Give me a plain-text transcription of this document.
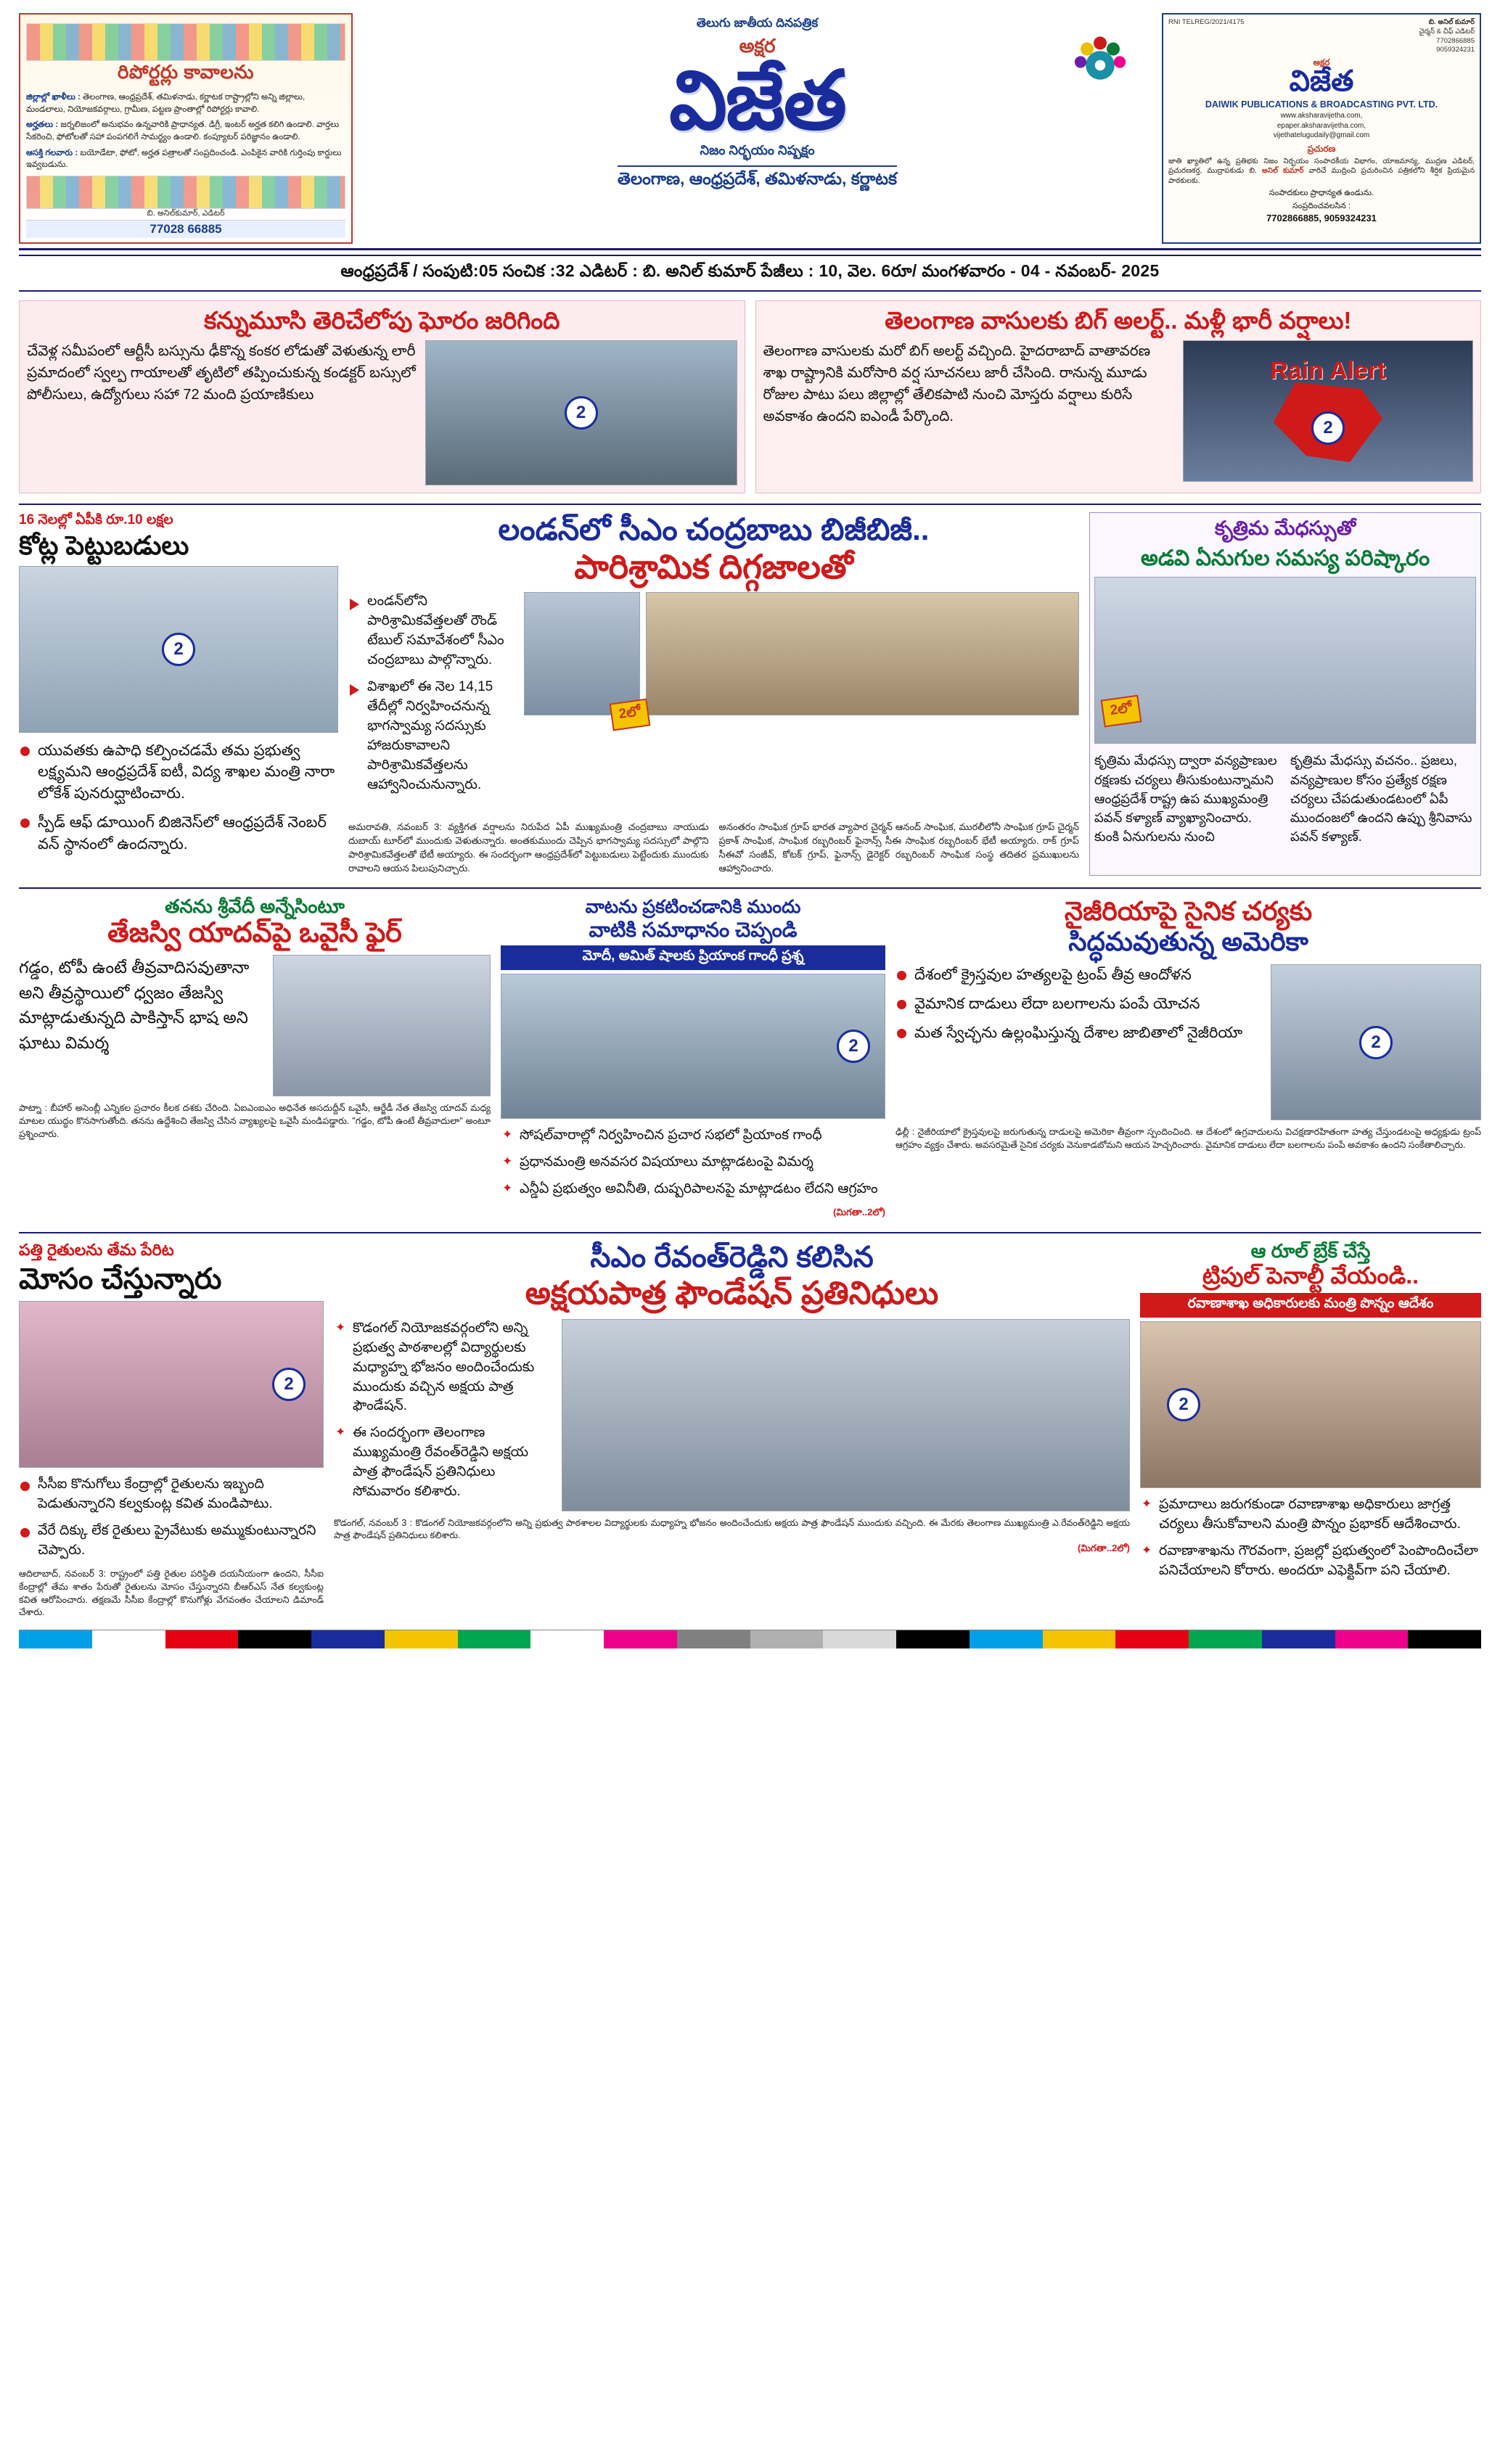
రిపోర్టర్లు కావాలను
జిల్లాల్లో ఖాళీలు : తెలంగాణ, ఆంధ్రప్రదేశ్, తమిళనాడు, కర్ణాటక రాష్ట్రాల్లోని అన్ని జిల్లాలు, మండలాలు, నియోజకవర్గాలు, గ్రామీణ, పట్టణ ప్రాంతాల్లో రిపోర్టర్లు కావాలి.
అర్హతలు : జర్నలిజంలో అనుభవం ఉన్నవారికి ప్రాధాన్యత. డిగ్రీ, ఇంటర్ అర్హత కలిగి ఉండాలి. వార్తలు సేకరించి, ఫోటోలతో సహా పంపగలిగే సామర్థ్యం ఉండాలి. కంప్యూటర్ పరిజ్ఞానం ఉండాలి.
ఆసక్తి గలవారు : బయోడేటా, ఫోటో, అర్హత పత్రాలతో సంప్రదించండి. ఎంపికైన వారికి గుర్తింపు కార్డులు ఇవ్వబడును.
బి. అనిల్‌కుమార్, ఎడిటర్
77028 66885
తెలుగు జాతీయ దినపత్రిక
అక్షర
విజేత
నిజం నిర్భయం నిష్పక్షం
తెలంగాణ, ఆంధ్రప్రదేశ్, తమిళనాడు, కర్ణాటక
RNI TELREG/2021/4175	బి. అనిల్ కుమార్
చైర్మన్ & చీఫ్ ఎడిటర్
7702866885
9059324231
అక్షర
విజేత
DAIWIK PUBLICATIONS & BROADCASTING PVT. LTD.
www.aksharavijetha.com,
epaper.aksharavijetha.com,
vijethatelugudaily@gmail.com
ప్రచురణ
జాతి ఖ్యాతిలో ఉన్న ప్రతిభకు నిజం నిర్భయం సంపాదకీయ విభాగం, యాజమాన్య, ముద్రణ ఎడిటర్, ప్రచురణకర్త, ముద్రాపకుడు బి. అనిల్ కుమార్ వారిచే ముద్రించి ప్రచురించిన పత్రికలోని శీర్షిక ప్రియమైన పాఠకులకు.
సంపాదకులు ప్రాధాన్యత ఉండును.
సంప్రదించవలసిన :
7702866885, 9059324231
ఆంధ్రప్రదేశ్ / సంపుటి:05 సంచిక :32 ఎడిటర్ : బి. అనిల్ కుమార్ పేజీలు : 10, వెల. 6రూ/ మంగళవారం - 04 - నవంబర్- 2025
కన్నుమూసి తెరిచేలోపు ఘోరం జరిగింది
చేవెళ్ల సమీపంలో ఆర్టీసీ బస్సును ఢీకొన్న కంకర లోడుతో వెళుతున్న లారీ ప్రమాదంలో స్వల్ప గాయాలతో తృటిలో తప్పించుకున్న కండక్టర్ బస్సులో పోలీసులు, ఉద్యోగులు సహా 72 మంది ప్రయాణికులు
2
తెలంగాణ వాసులకు బిగ్ అలర్ట్.. మళ్లీ భారీ వర్షాలు!
తెలంగాణ వాసులకు మరో బిగ్ అలర్ట్ వచ్చింది. హైదరాబాద్ వాతావరణ శాఖ రాష్ట్రానికి మరోసారి వర్ష సూచనలు జారీ చేసింది. రానున్న మూడు రోజుల పాటు పలు జిల్లాల్లో తేలికపాటి నుంచి మోస్తరు వర్షాలు కురిసే అవకాశం ఉందని ఐఎండీ పేర్కొంది.
Rain Alert
2
16 నెలల్లో ఏపీకి రూ.10 లక్షల
కోట్ల పెట్టుబడులు
2
యువతకు ఉపాధి కల్పించడమే తమ ప్రభుత్వ లక్ష్యమని ఆంధ్రప్రదేశ్ ఐటీ, విద్య శాఖల మంత్రి నారా లోకేశ్ పునరుద్ఘాటించారు.
స్పీడ్ ఆఫ్ డూయింగ్ బిజినెస్‌లో ఆంధ్రప్రదేశ్ నెంబర్ వన్ స్థానంలో ఉందన్నారు.
లండన్‌లో సీఎం చంద్రబాబు బిజీబిజీ..
పారిశ్రామిక దిగ్గజాలతో
లండన్‌లోని పారిశ్రామికవేత్తలతో రౌండ్ టేబుల్ సమావేశంలో సీఎం చంద్రబాబు పాల్గొన్నారు.
విశాఖలో ఈ నెల 14,15 తేదీల్లో నిర్వహించనున్న భాగస్వామ్య సదస్సుకు హాజరుకావాలని పారిశ్రామికవేత్తలను ఆహ్వానించునున్నారు.
2లో
అమరావతి, నవంబర్ 3: వ్యక్తిగత వర్షాలను నిరుపేద ఏపీ ముఖ్యమంత్రి చంద్రబాబు నాయుడు దుబాయ్ టూర్‌లో ముందుకు వెళుతున్నారు. అంతకుముందు చెప్పిన భాగస్వామ్య సదస్సులో పాల్గొని పారిశ్రామికవేత్తలతో భేటీ అయ్యారు. ఈ సందర్భంగా ఆంధ్రప్రదేశ్‌లో పెట్టుబడులు పెట్టేందుకు ముందుకు రావాలని ఆయన పిలుపునిచ్చారు.
అనంతరం సాంఘిక గ్రూప్ భారత వ్యాపార చైర్మన్ ఆనంద్ సాంఘిక, మురలీలోనీ సాంఘిక గ్రూప్ చైర్మన్ ప్రకాశ్ సాంఘిక, సాంఘిక రబ్బరింబర్ ఫైనాన్స్ సీఈ సాంఘిక రబ్బరింబర్ భేటీ అయ్యారు. రాక్ గ్రూప్ సీఈవో సంజీవ్, కోటక్ గ్రూప్, ఫైనాన్స్ డైరెక్టర్ రబ్బరింబర్ సాంఘిక సంస్థ తదితర ప్రముఖులను ఆహ్వానించారు.
కృత్రిమ మేధస్సుతో
అడవి ఏనుగుల సమస్య పరిష్కారం
2లో
కృత్రిమ మేధస్సు ద్వారా వన్యప్రాణుల రక్షణకు చర్యలు తీసుకుంటున్నామని ఆంధ్రప్రదేశ్ రాష్ట్ర ఉప ముఖ్యమంత్రి పవన్ కళ్యాణ్ వ్యాఖ్యానించారు. కుంకి ఏనుగులను నుంచి
కృత్రిమ మేధస్సు వచనం.. ప్రజలు, వన్యప్రాణుల కోసం ప్రత్యేక రక్షణ చర్యలు చేపడుతుండటంలో ఏపీ ముందంజలో ఉందని ఉప్పు శ్రీనివాసు పవన్ కళ్యాణ్.
తనను శ్రీవేదీ అన్నేసింటూ
తేజస్వి యాదవ్‌పై ఒవైసీ ఫైర్
గడ్డం, టోపీ ఉంటే తీవ్రవాదిసవుతానా అని తీవ్రస్థాయిలో ధ్వజం తేజస్వి మాట్లాడుతున్నది పాకిస్తాన్ భాష అని ఘాటు విమర్శ
పాట్నా : బీహార్ అసెంబ్లీ ఎన్నికల ప్రచారం కీలక దశకు చేరింది. ఏఐఎంఐఎం అధినేత అసదుద్దీన్ ఒవైసీ, ఆర్జేడీ నేత తేజస్వి యాదవ్ మధ్య మాటల యుద్ధం కొనసాగుతోంది. తనను ఉద్దేశించి తేజస్వి చేసిన వ్యాఖ్యలపై ఒవైసీ మండిపడ్డారు. "గడ్డం, టోపీ ఉంటే తీవ్రవాదులా" అంటూ ప్రశ్నించారు.
వాటను ప్రకటించడానికి ముందు
వాటికి సమాధానం చెప్పండి
మోదీ, అమిత్ షాలకు ప్రియాంక గాంధీ ప్రశ్న
2
✦ సోషల్‌వారాల్లో నిర్వహించిన ప్రచార సభలో ప్రియాంక గాంధీ
✦ ప్రధానమంత్రి అనవసర విషయాలు మాట్లాడటంపై విమర్శ
✦ ఎన్డీఏ ప్రభుత్వం అవినీతి, దుష్పరిపాలనపై మాట్లాడటం లేదని ఆగ్రహం
(మిగతా..2లో)
నైజీరియాపై సైనిక చర్యకు
సిద్ధమవుతున్న అమెరికా
దేశంలో క్రైస్తవుల హత్యలపై ట్రంప్ తీవ్ర ఆందోళన
వైమానిక దాడులు లేదా బలగాలను పంపే యోచన
మత స్వేచ్ఛను ఉల్లంఘిస్తున్న దేశాల జాబితాలో నైజీరియా	2
ఢిల్లీ : నైజీరియాలో క్రైస్తవులపై జరుగుతున్న దాడులపై అమెరికా తీవ్రంగా స్పందించింది. ఆ దేశంలో ఉగ్రవాదులను విచక్షణారహితంగా హత్య చేస్తుండటంపై అధ్యక్షుడు ట్రంప్ ఆగ్రహం వ్యక్తం చేశారు. అవసరమైతే సైనిక చర్యకు వెనుకాడబోమని ఆయన హెచ్చరించారు. వైమానిక దాడులు లేదా బలగాలను పంపే అవకాశం ఉందని సంకేతాలిచ్చారు.
పత్తి రైతులను తేమ పేరిట
మోసం చేస్తున్నారు
2
సీసీఐ కొనుగోలు కేంద్రాల్లో రైతులను ఇబ్బంది పెడుతున్నారని కల్వకుంట్ల కవిత మండిపాటు.
వేరే దిక్కు లేక రైతులు ప్రైవేటుకు అమ్ముకుంటున్నారని చెప్పారు.
ఆదిలాబాద్, నవంబర్ 3: రాష్ట్రంలో పత్తి రైతుల పరిస్థితి దయనీయంగా ఉందని, సీసీఐ కేంద్రాల్లో తేమ శాతం పేరుతో రైతులను మోసం చేస్తున్నారని బీఆర్ఎస్ నేత కల్వకుంట్ల కవిత ఆరోపించారు. తక్షణమే సీసీఐ కేంద్రాల్లో కొనుగోళ్లు వేగవంతం చేయాలని డిమాండ్ చేశారు.
సీఎం రేవంత్‌రెడ్డిని కలిసిన
అక్షయపాత్ర ఫౌండేషన్ ప్రతినిధులు
✦ కొడంగల్ నియోజకవర్గంలోని అన్ని ప్రభుత్వ పాఠశాలల్లో విద్యార్థులకు మధ్యాహ్న భోజనం అందించేందుకు ముందుకు వచ్చిన అక్షయ పాత్ర ఫౌండేషన్.
✦ ఈ సందర్భంగా తెలంగాణ ముఖ్యమంత్రి రేవంత్‌రెడ్డిని అక్షయ పాత్ర ఫౌండేషన్ ప్రతినిధులు సోమవారం కలిశారు.
కొడంగల్, నవంబర్ 3 : కొడంగల్ నియోజకవర్గంలోని అన్ని ప్రభుత్వ పాఠశాలల విద్యార్థులకు మధ్యాహ్న భోజనం అందించేందుకు అక్షయ పాత్ర ఫౌండేషన్ ముందుకు వచ్చింది. ఈ మేరకు తెలంగాణ ముఖ్యమంత్రి ఎ.రేవంత్‌రెడ్డిని అక్షయ పాత్ర ఫౌండేషన్ ప్రతినిధులు కలిశారు.
(మిగతా..2లో)
ఆ రూల్ బ్రేక్ చేస్తే
ట్రిపుల్ పెనాల్టీ వేయండి..
రవాణాశాఖ అధికారులకు మంత్రి పొన్నం ఆదేశం
2
✦ ప్రమాదాలు జరుగకుండా రవాణాశాఖ అధికారులు జాగ్రత్త చర్యలు తీసుకోవాలని మంత్రి పొన్నం ప్రభాకర్ ఆదేశించారు.
✦ రవాణాశాఖను గౌరవంగా, ప్రజల్లో ప్రభుత్వంలో పెంపొందించేలా పనిచేయాలని కోరారు. అందరూ ఎఫెక్టివ్‌గా పని చేయాలి.
